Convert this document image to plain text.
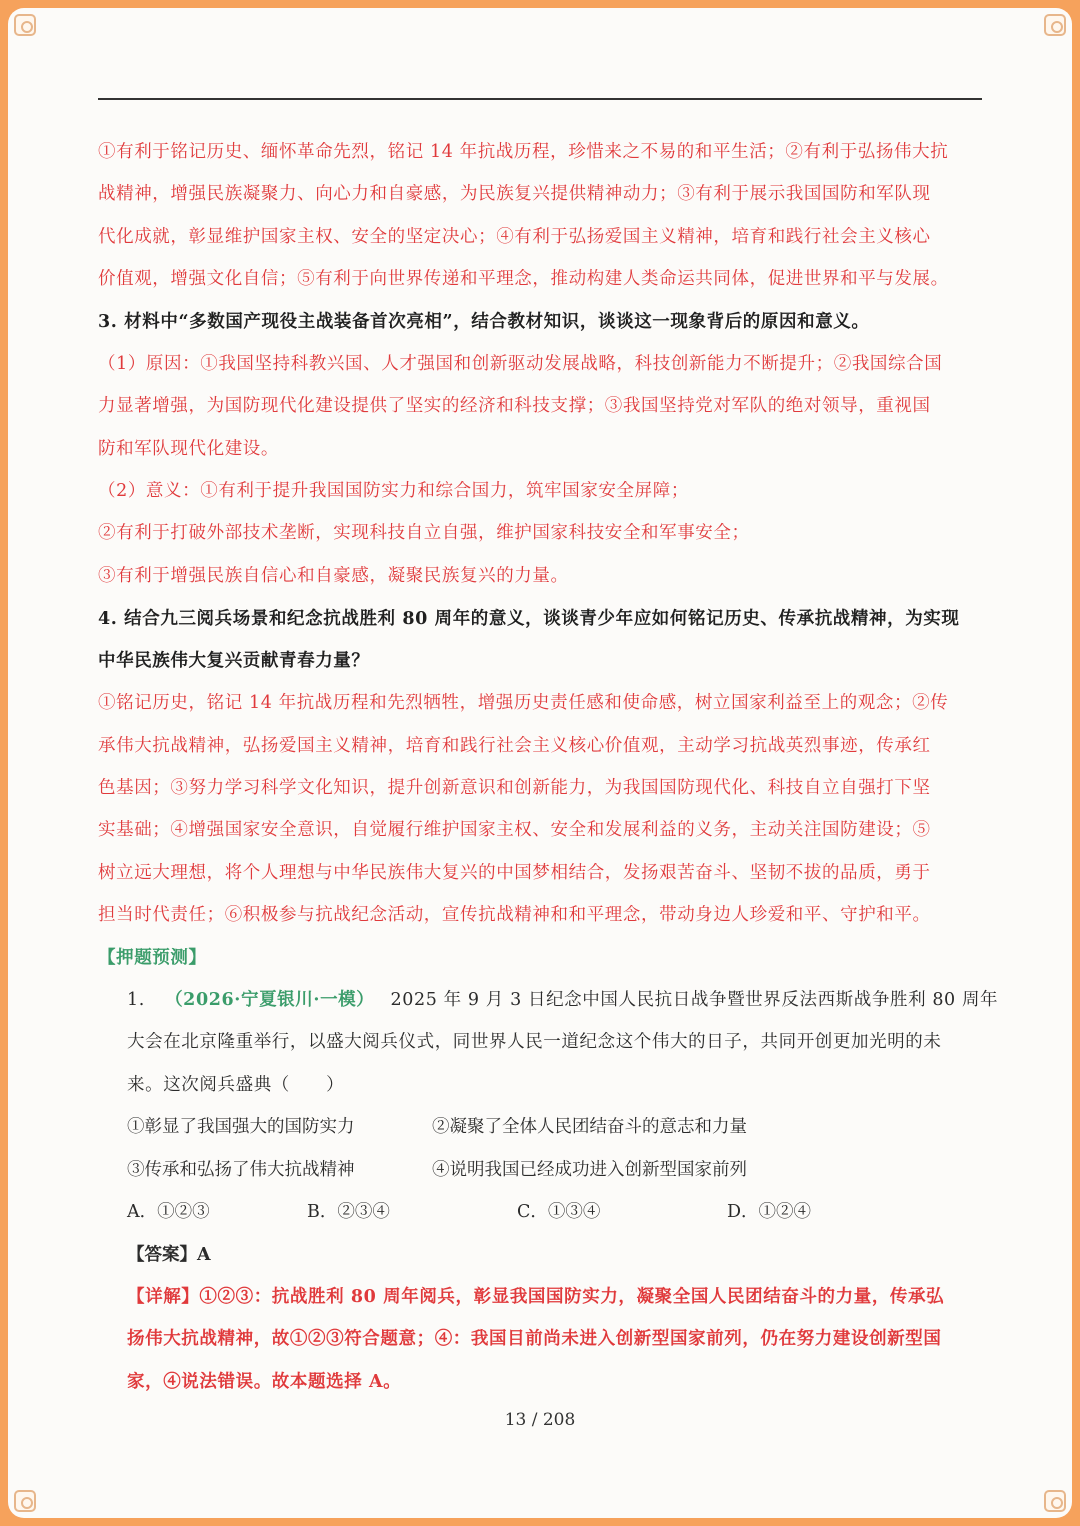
①有利于铭记历史、缅怀革命先烈，铭记 14 年抗战历程，珍惜来之不易的和平生活；②有利于弘扬伟大抗
战精神，增强民族凝聚力、向心力和自豪感，为民族复兴提供精神动力；③有利于展示我国国防和军队现
代化成就，彰显维护国家主权、安全的坚定决心；④有利于弘扬爱国主义精神，培育和践行社会主义核心
价值观，增强文化自信；⑤有利于向世界传递和平理念，推动构建人类命运共同体，促进世界和平与发展。
3. 材料中“多数国产现役主战装备首次亮相”，结合教材知识，谈谈这一现象背后的原因和意义。
（1）原因：①我国坚持科教兴国、人才强国和创新驱动发展战略，科技创新能力不断提升；②我国综合国
力显著增强，为国防现代化建设提供了坚实的经济和科技支撑；③我国坚持党对军队的绝对领导，重视国
防和军队现代化建设。
（2）意义：①有利于提升我国国防实力和综合国力，筑牢国家安全屏障；
②有利于打破外部技术垄断，实现科技自立自强，维护国家科技安全和军事安全；
③有利于增强民族自信心和自豪感，凝聚民族复兴的力量。
4. 结合九三阅兵场景和纪念抗战胜利 80 周年的意义，谈谈青少年应如何铭记历史、传承抗战精神，为实现
中华民族伟大复兴贡献青春力量？
①铭记历史，铭记 14 年抗战历程和先烈牺牲，增强历史责任感和使命感，树立国家利益至上的观念；②传
承伟大抗战精神，弘扬爱国主义精神，培育和践行社会主义核心价值观，主动学习抗战英烈事迹，传承红
色基因；③努力学习科学文化知识，提升创新意识和创新能力，为我国国防现代化、科技自立自强打下坚
实基础；④增强国家安全意识，自觉履行维护国家主权、安全和发展利益的义务，主动关注国防建设；⑤
树立远大理想，将个人理想与中华民族伟大复兴的中国梦相结合，发扬艰苦奋斗、坚韧不拔的品质，勇于
担当时代责任；⑥积极参与抗战纪念活动，宣传抗战精神和和平理念，带动身边人珍爱和平、守护和平。
【押题预测】
1. （2026·宁夏银川·一模） 2025 年 9 月 3 日纪念中国人民抗日战争暨世界反法西斯战争胜利 80 周年
大会在北京隆重举行，以盛大阅兵仪式，同世界人民一道纪念这个伟大的日子，共同开创更加光明的未
来。这次阅兵盛典（　　）
①彰显了我国强大的国防实力	②凝聚了全体人民团结奋斗的意志和力量
③传承和弘扬了伟大抗战精神	④说明我国已经成功进入创新型国家前列
A．①②③	B．②③④	C．①③④	D．①②④
【答案】A
【详解】①②③：抗战胜利 80 周年阅兵，彰显我国国防实力，凝聚全国人民团结奋斗的力量，传承弘
扬伟大抗战精神，故①②③符合题意；④：我国目前尚未进入创新型国家前列，仍在努力建设创新型国
家，④说法错误。故本题选择 A。
13 / 208
